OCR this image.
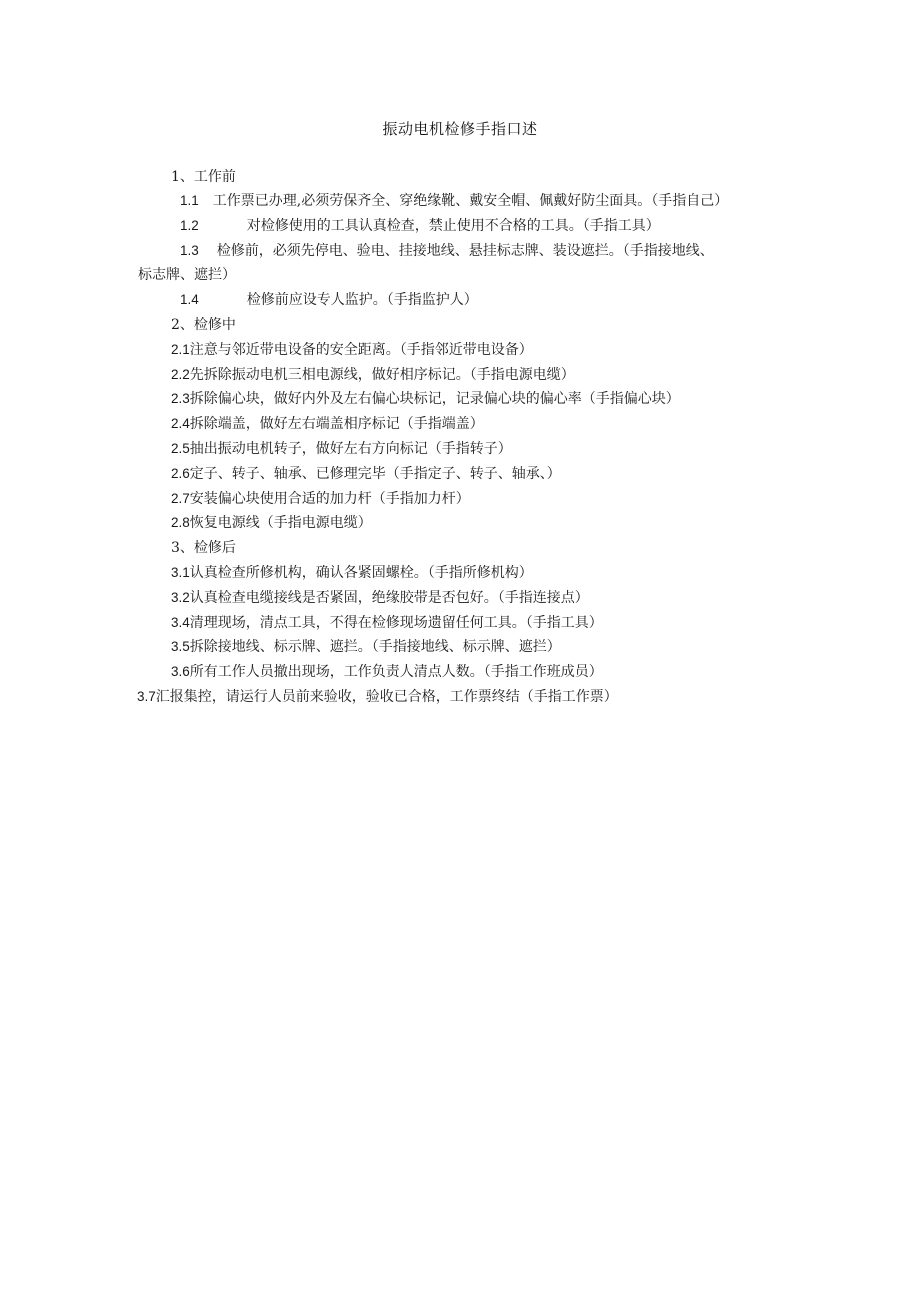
振动电机检修手指口述
1、工作前
1.1 工作票已办理,必须劳保齐全、穿绝缘靴、戴安全帽、佩戴好防尘面具。（手指自己）
1.2	对检修使用的工具认真检查，禁止使用不合格的工具。（手指工具）
1.3 检修前，必须先停电、验电、挂接地线、悬挂标志牌、装设遮拦。（手指接地线、
标志牌、遮拦）
1.4	检修前应设专人监护。（手指监护人）
2、检修中
2.1注意与邻近带电设备的安全距离。（手指邻近带电设备）
2.2先拆除振动电机三相电源线，做好相序标记。（手指电源电缆）
2.3拆除偏心块，做好内外及左右偏心块标记，记录偏心块的偏心率（手指偏心块）
2.4拆除端盖，做好左右端盖相序标记（手指端盖）
2.5抽出振动电机转子，做好左右方向标记（手指转子）
2.6定子、转子、轴承、已修理完毕（手指定子、转子、轴承、）
2.7安装偏心块使用合适的加力杆（手指加力杆）
2.8恢复电源线（手指电源电缆）
3、检修后
3.1认真检查所修机构，确认各紧固螺栓。（手指所修机构）
3.2认真检查电缆接线是否紧固，绝缘胶带是否包好。（手指连接点）
3.4清理现场，清点工具，不得在检修现场遗留任何工具。（手指工具）
3.5拆除接地线、标示牌、遮拦。（手指接地线、标示牌、遮拦）
3.6所有工作人员撤出现场，工作负责人清点人数。（手指工作班成员）
3.7汇报集控，请运行人员前来验收，验收已合格，工作票终结（手指工作票）
